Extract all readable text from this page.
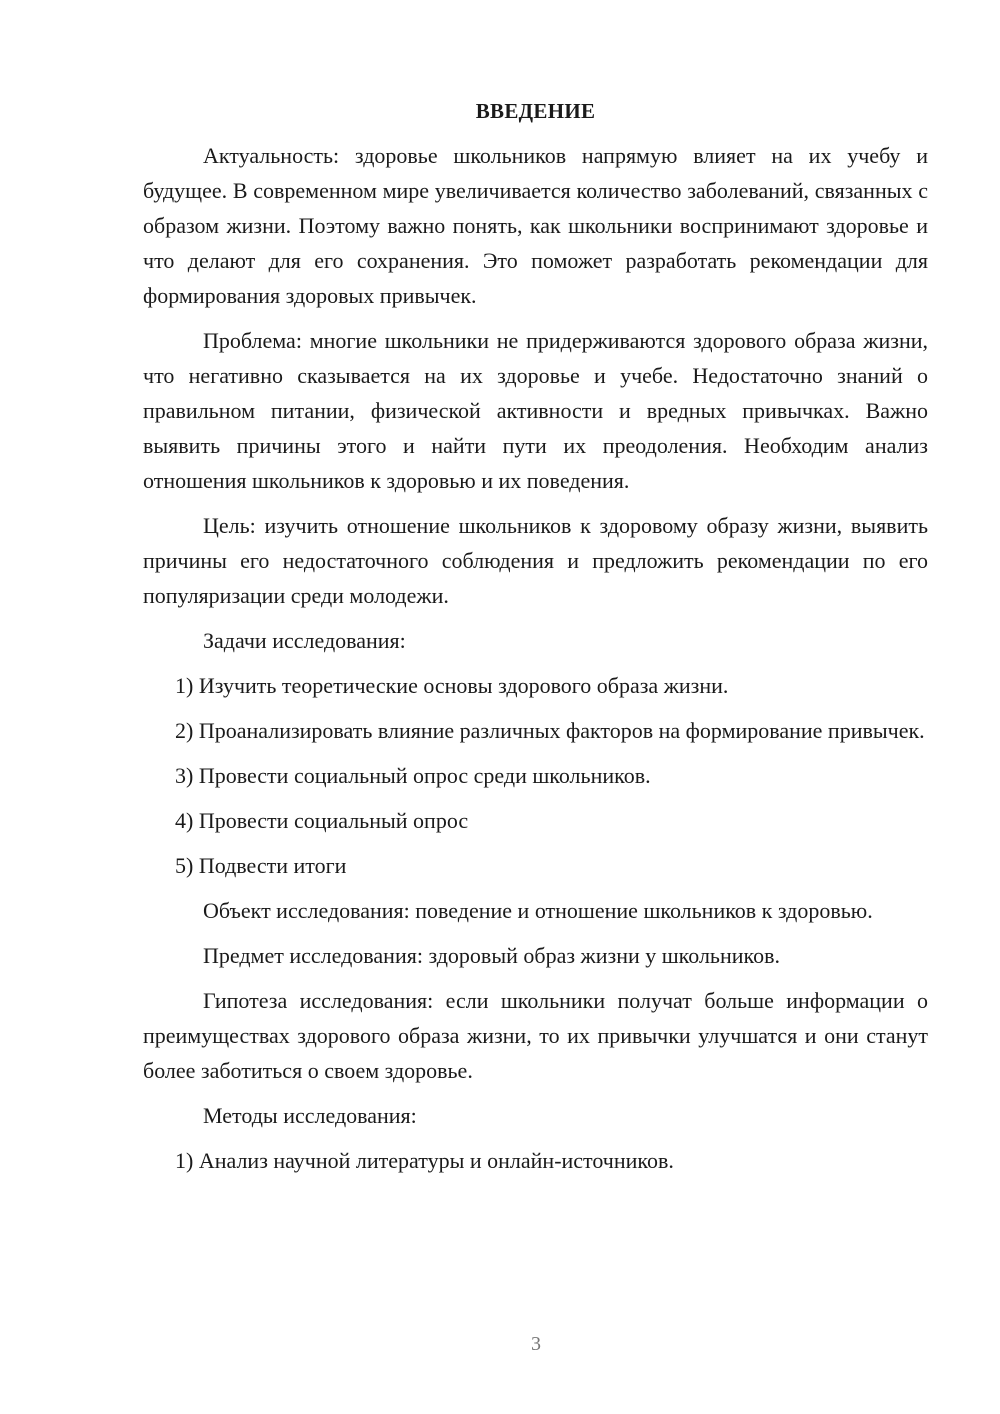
ВВЕДЕНИЕ

Актуальность: здоровье школьников напрямую влияет на их учебу и будущее. В современном мире увеличивается количество заболеваний, связанных с образом жизни. Поэтому важно понять, как школьники воспринимают здоровье и что делают для его сохранения. Это поможет разработать рекомендации для формирования здоровых привычек.

Проблема: многие школьники не придерживаются здорового образа жизни, что негативно сказывается на их здоровье и учебе. Недостаточно знаний о правильном питании, физической активности и вредных привычках. Важно выявить причины этого и найти пути их преодоления. Необходим анализ отношения школьников к здоровью и их поведения.

Цель: изучить отношение школьников к здоровому образу жизни, выявить причины его недостаточного соблюдения и предложить рекомендации по его популяризации среди молодежи.

Задачи исследования:

1) Изучить теоретические основы здорового образа жизни.

2) Проанализировать влияние различных факторов на формирование привычек.

3) Провести социальный опрос среди школьников.

4) Провести социальный опрос

5) Подвести итоги

Объект исследования: поведение и отношение школьников к здоровью.

Предмет исследования: здоровый образ жизни у школьников.

Гипотеза исследования: если школьники получат больше информации о преимуществах здорового образа жизни, то их привычки улучшатся и они станут более заботиться о своем здоровье.

Методы исследования:

1) Анализ научной литературы и онлайн-источников.

3
